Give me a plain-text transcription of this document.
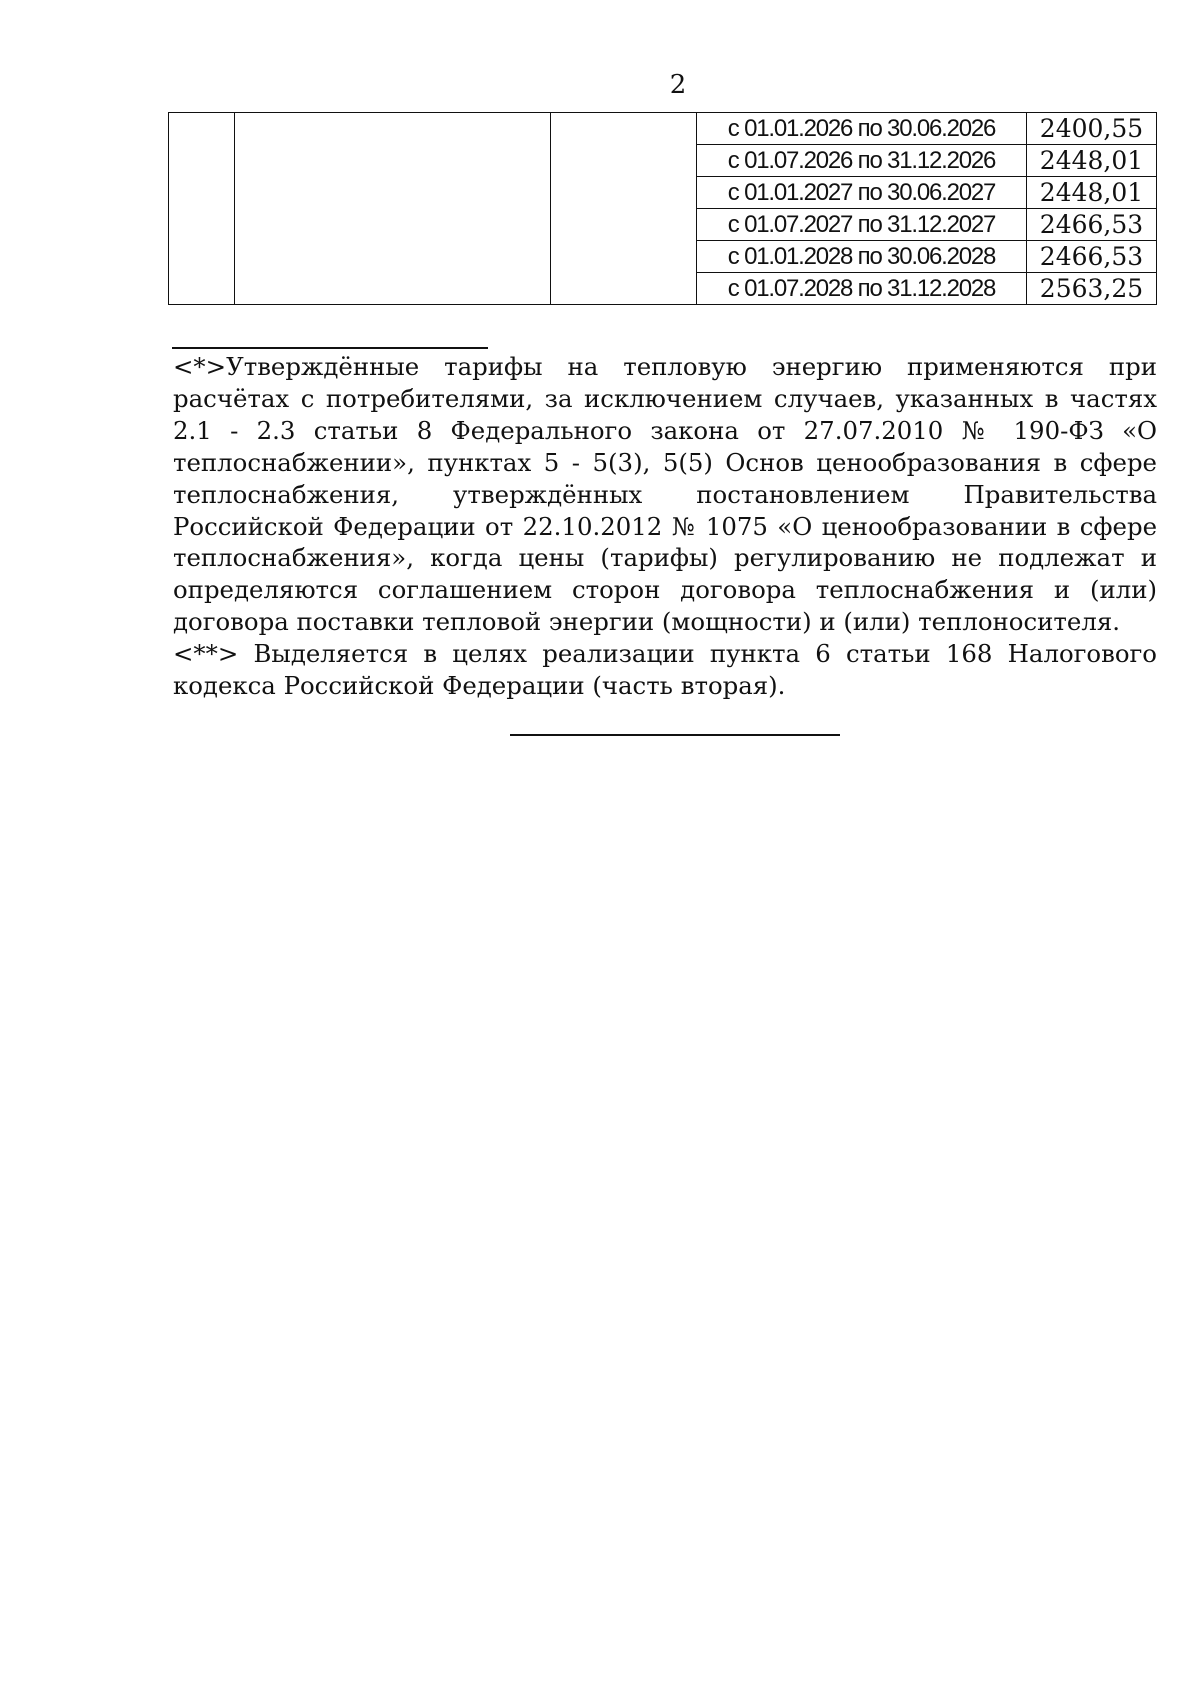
2
			с 01.01.2026 по 30.06.2026	2400,55
			с 01.07.2026 по 31.12.2026	2448,01
			с 01.01.2027 по 30.06.2027	2448,01
			с 01.07.2027 по 31.12.2027	2466,53
			с 01.01.2028 по 30.06.2028	2466,53
			с 01.07.2028 по 31.12.2028	2563,25

<*>Утверждённые тарифы на тепловую энергию применяются при расчётах с потребителями, за исключением случаев, указанных в частях 2.1 - 2.3 статьи 8 Федерального закона от 27.07.2010 № 190-ФЗ «О теплоснабжении», пунктах 5 - 5(3), 5(5) Основ ценообразования в сфере теплоснабжения, утверждённых постановлением Правительства Российской Федерации от 22.10.2012 № 1075 «О ценообразовании в сфере теплоснабжения», когда цены (тарифы) регулированию не подлежат и определяются соглашением сторон договора теплоснабжения и (или) договора поставки тепловой энергии (мощности) и (или) теплоносителя.

<**> Выделяется в целях реализации пункта 6 статьи 168 Налогового кодекса Российской Федерации (часть вторая).
